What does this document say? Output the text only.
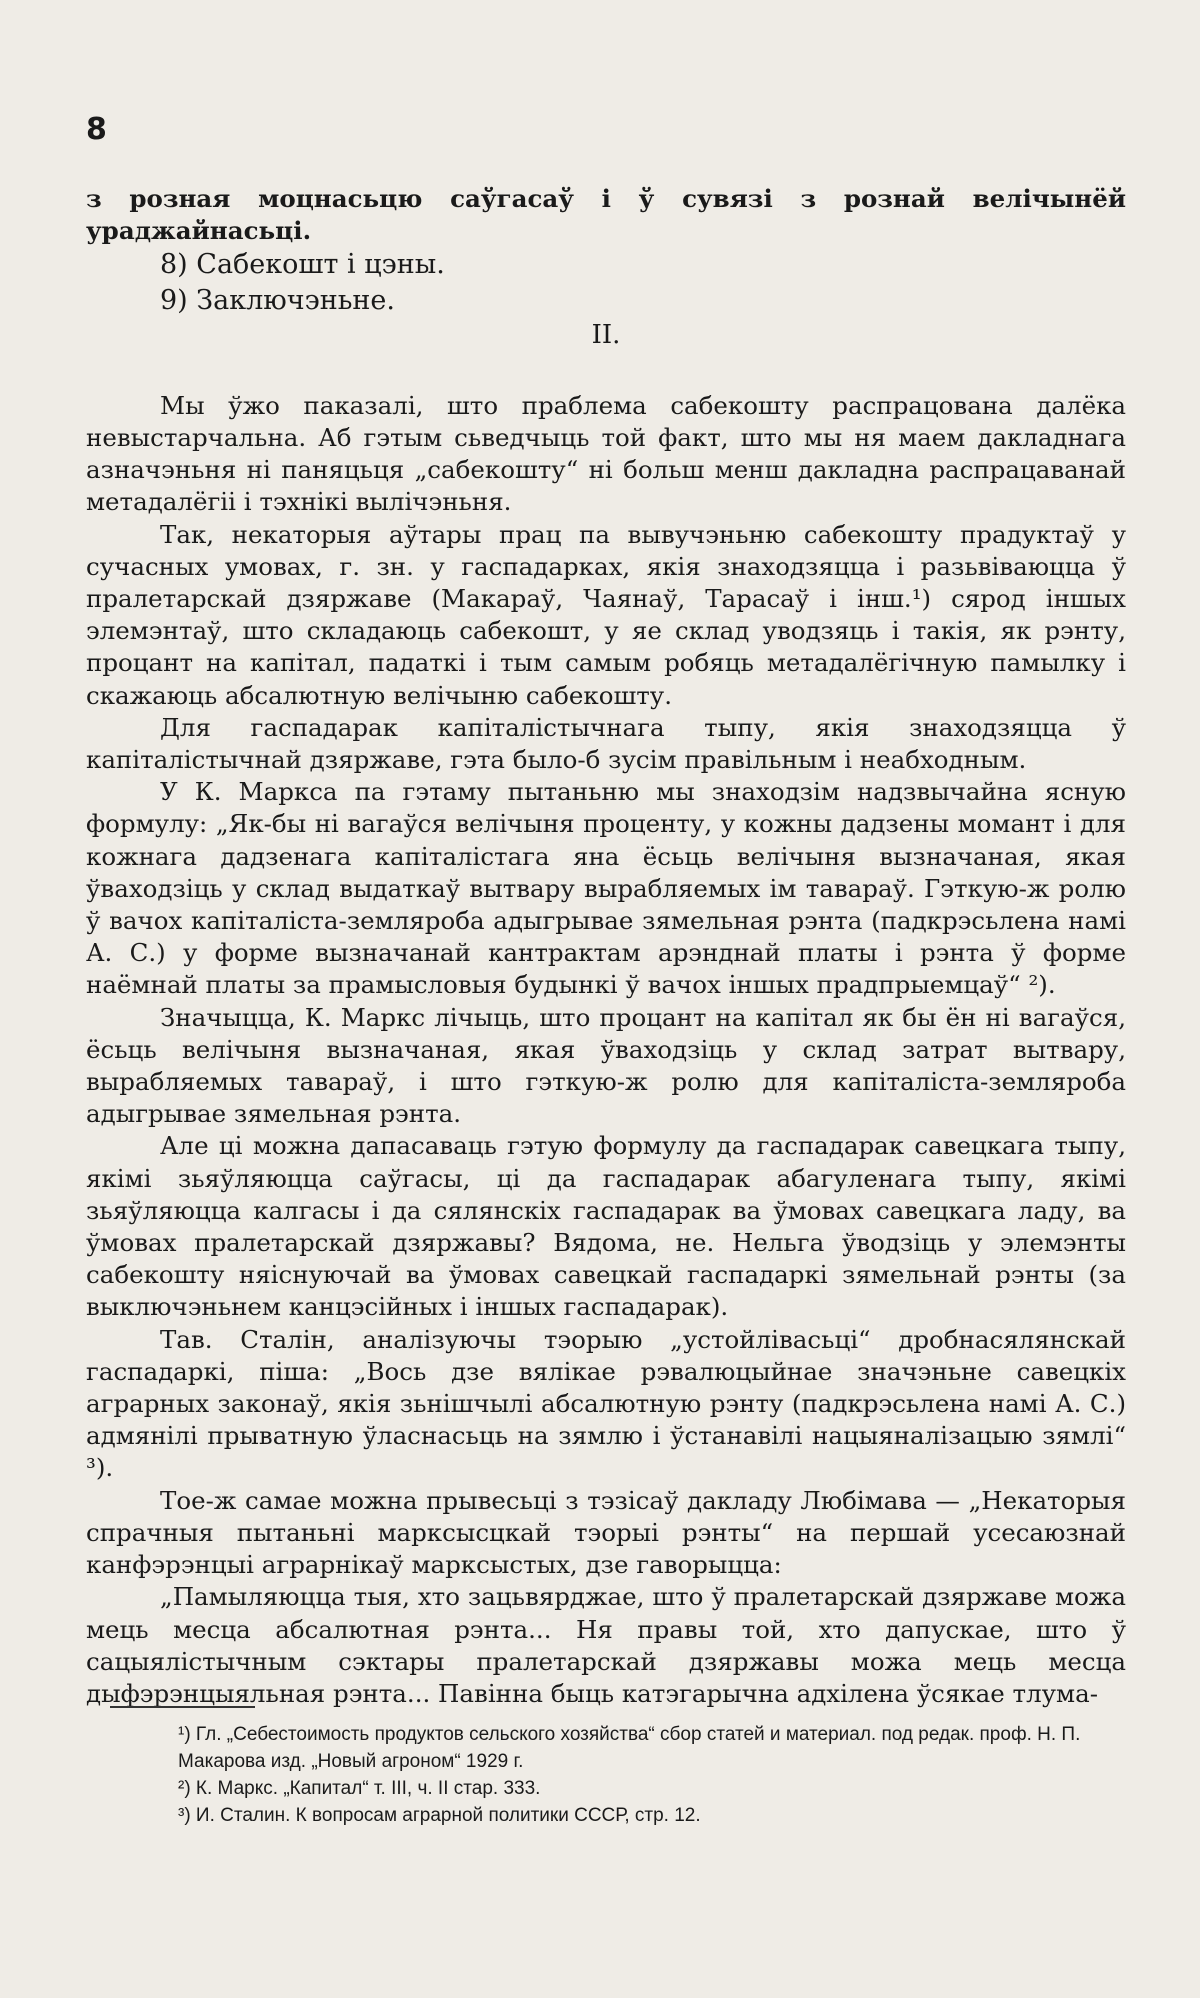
8

з розная моцнасьцю саўгасаў і ў сувязі з рознай велічынёй ураджайнасьці.

8) Сабекошт і цэны.
9) Заключэньне.
II.

Мы ўжо паказалі, што праблема сабекошту распрацована далёка невыстарчальна. Аб гэтым сьведчыць той факт, што мы ня маем дакладнага азначэньня ні паняцьця „сабекошту“ ні больш менш дакладна распрацаванай метадалёгіі і тэхнікі вылічэньня.

Так, некаторыя аўтары прац па вывучэньню сабекошту прадуктаў у сучасных умовах, г. зн. у гаспадарках, якія знаходзяцца і разьвіваюцца ў пралетарскай дзяржаве (Макараў, Чаянаў, Тарасаў і інш.¹) сярод іншых элемэнтаў, што складаюць сабекошт, у яе склад уводзяць і такія, як рэнту, процант на капітал, падаткі і тым самым робяць метадалёгічную памылку і скажаюць абсалютную велічыню сабекошту.

Для гаспадарак капіталістычнага тыпу, якія знаходзяцца ў капіталістычнай дзяржаве, гэта было-б зусім правільным і неабходным.

У К. Маркса па гэтаму пытаньню мы знаходзім надзвычайна ясную формулу: „Як-бы ні вагаўся велічыня проценту, у кожны дадзены момант і для кожнага дадзенага капіталістага яна ёсьць велічыня вызначаная, якая ўваходзіць у склад выдаткаў вытвару вырабляемых ім тавараў. Гэткую-ж ролю ў вачох капіталіста-земляроба адыгрывае зямельная рэнта (падкрэсьлена намі А. С.) у форме вызначанай кантрактам арэнднай платы і рэнта ў форме наёмнай платы за прамысловыя будынкі ў вачох іншых прадпрыемцаў“ ²).

Значыцца, К. Маркс лічыць, што процант на капітал як бы ён ні вагаўся, ёсьць велічыня вызначаная, якая ўваходзіць у склад затрат вытвару, вырабляемых тавараў, і што гэткую-ж ролю для капіталіста-земляроба адыгрывае зямельная рэнта.

Але ці можна дапасаваць гэтую формулу да гаспадарак савецкага тыпу, якімі зьяўляюцца саўгасы, ці да гаспадарак абагуленага тыпу, якімі зьяўляюцца калгасы і да сялянскіх гаспадарак ва ўмовах савецкага ладу, ва ўмовах пралетарскай дзяржавы? Вядома, не. Нельга ўводзіць у элемэнты сабекошту няіснуючай ва ўмовах савецкай гаспадаркі зямельнай рэнты (за выключэньнем канцэсійных і іншых гаспадарак).

Тав. Сталін, аналізуючы тэорыю „устойлівасьці“ дробнасялянскай гаспадаркі, піша: „Вось дзе вялікае рэвалюцыйнае значэньне савецкіх аграрных законаў, якія зьнішчылі абсалютную рэнту (падкрэсьлена намі А. С.) адмянілі прыватную ўласнасьць на зямлю і ўстанавілі нацыяналізацыю зямлі“ ³).

Тое-ж самае можна прывесьці з тэзісаў дакладу Любімава — „Некаторыя спрачныя пытаньні марксысцкай тэорыі рэнты“ на першай усесаюзнай канфэрэнцыі аграрнікаў марксыстых, дзе гаворыцца:

„Памыляюцца тыя, хто зацьвярджае, што ў пралетарскай дзяржаве можа мець месца абсалютная рэнта... Ня правы той, хто дапускае, што ў сацыялістычным сэктары пралетарскай дзяржавы можа мець месца дыфэрэнцыяльная рэнта... Павінна быць катэгарычна адхілена ўсякае тлума-

¹) Гл. „Себестоимость продуктов сельского хозяйства“ сбор статей и материал. под редак. проф. Н. П. Макарова изд. „Новый агроном“ 1929 г.
²) К. Маркс. „Капитал“ т. III, ч. II стар. 333.
³) И. Сталин. К вопросам аграрной политики СССР, стр. 12.
